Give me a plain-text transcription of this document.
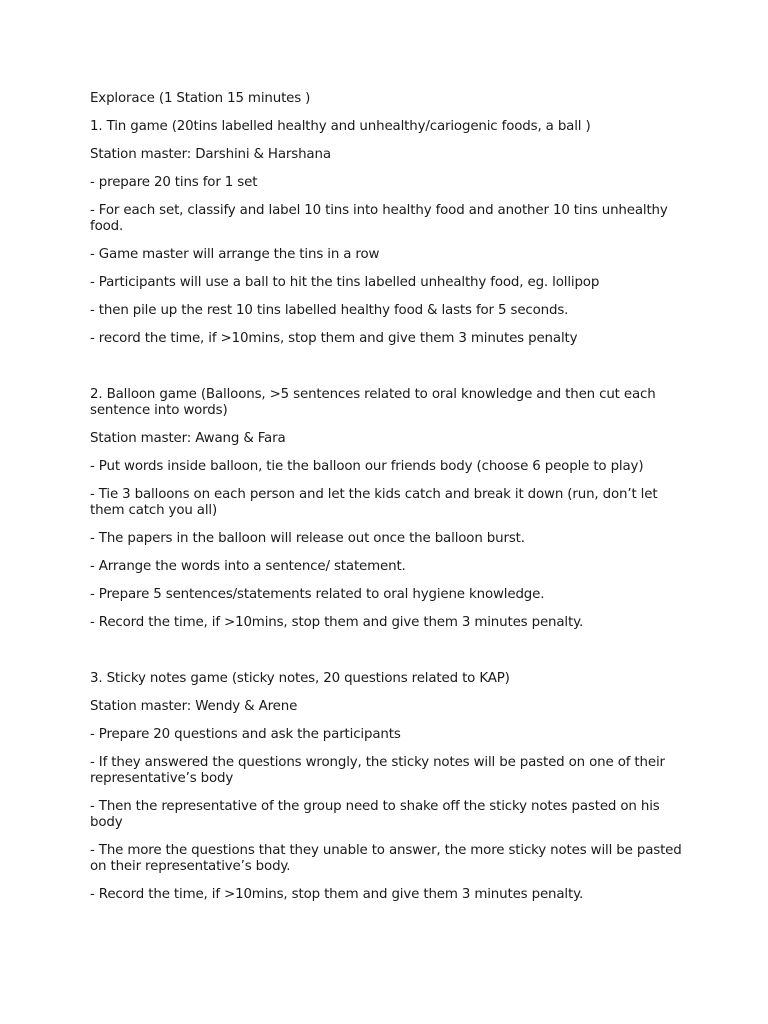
Explorace (1 Station 15 minutes )

1. Tin game (20tins labelled healthy and unhealthy/cariogenic foods, a ball )

Station master: Darshini & Harshana

- prepare 20 tins for 1 set

- For each set, classify and label 10 tins into healthy food and another 10 tins unhealthy food.

- Game master will arrange the tins in a row

- Participants will use a ball to hit the tins labelled unhealthy food, eg. lollipop

- then pile up the rest 10 tins labelled healthy food & lasts for 5 seconds.

- record the time, if >10mins, stop them and give them 3 minutes penalty

2. Balloon game (Balloons, >5 sentences related to oral knowledge and then cut each sentence into words)

Station master: Awang & Fara

- Put words inside balloon, tie the balloon our friends body (choose 6 people to play)

- Tie 3 balloons on each person and let the kids catch and break it down (run, don’t let them catch you all)

- The papers in the balloon will release out once the balloon burst.

- Arrange the words into a sentence/ statement.

- Prepare 5 sentences/statements related to oral hygiene knowledge.

- Record the time, if >10mins, stop them and give them 3 minutes penalty.

3. Sticky notes game (sticky notes, 20 questions related to KAP)

Station master: Wendy & Arene

- Prepare 20 questions and ask the participants

- If they answered the questions wrongly, the sticky notes will be pasted on one of their representative’s body

- Then the representative of the group need to shake off the sticky notes pasted on his body

- The more the questions that they unable to answer, the more sticky notes will be pasted on their representative’s body.

- Record the time, if >10mins, stop them and give them 3 minutes penalty.
